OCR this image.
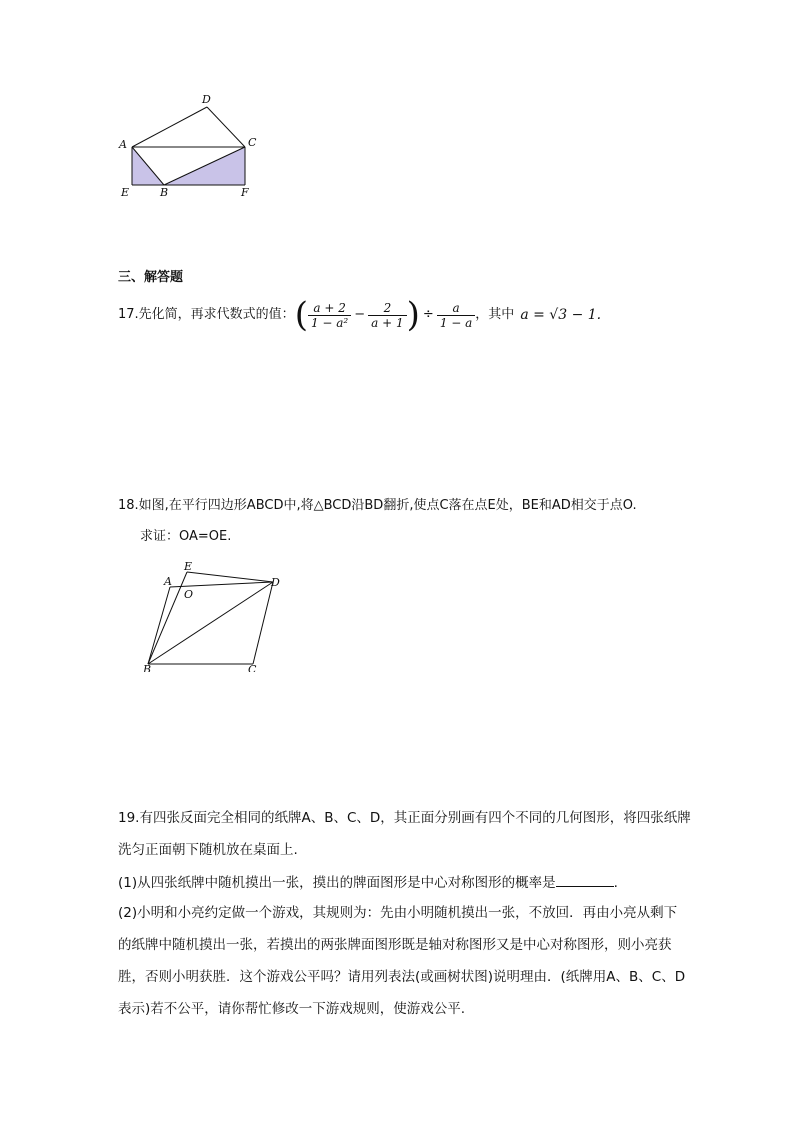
D
A	C
E	B	F
三、解答题
17.先化简，再求代数式的值： ( $\frac{a + 2}{\text{1 − a²}} - \frac{2}{a + 1}$ ) ÷ $\frac{a}{1 - a}$ ，其中 a = √3 − 1.
18.如图,在平行四边形ABCD中,将△BCD沿BD翻折,使点C落在点E处，BE和AD相交于点O.
求证：OA=OE.
E
A
O
D
B	C
19.有四张反面完全相同的纸牌A、B、C、D，其正面分别画有四个不同的几何图形，将四张纸牌
洗匀正面朝下随机放在桌面上.
(1)从四张纸牌中随机摸出一张，摸出的牌面图形是中心对称图形的概率是	.
(2)小明和小亮约定做一个游戏，其规则为：先由小明随机摸出一张，不放回．再由小亮从剩下
的纸牌中随机摸出一张，若摸出的两张牌面图形既是轴对称图形又是中心对称图形，则小亮获
胜，否则小明获胜．这个游戏公平吗？请用列表法(或画树状图)说明理由．(纸牌用A、B、C、D
表示)若不公平，请你帮忙修改一下游戏规则，使游戏公平.
